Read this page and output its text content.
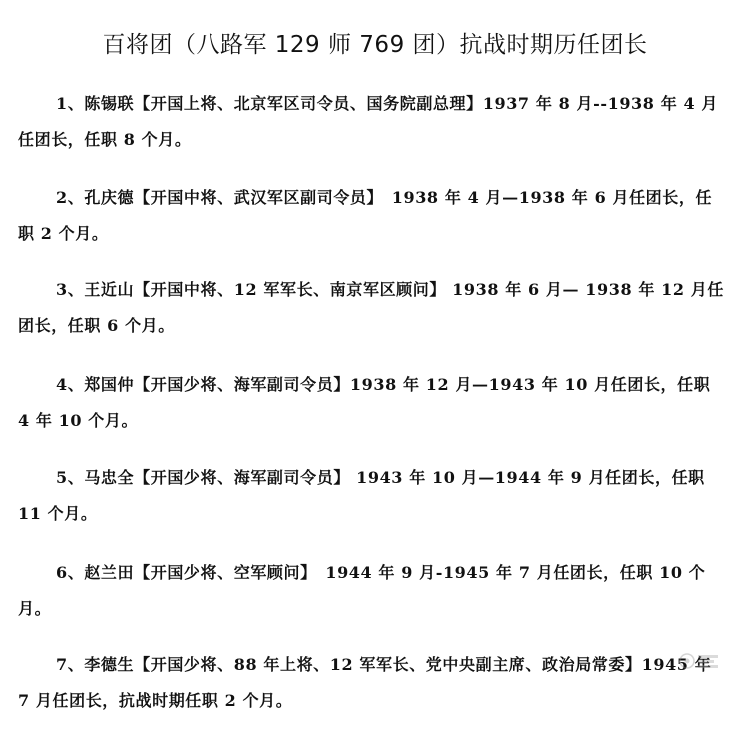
百将团（八路军 129 师 769 团）抗战时期历任团长

1、陈锡联【开国上将、北京军区司令员、国务院副总理】1937 年 8 月--1938 年 4 月任团长，任职 8 个月。

2、孔庆德【开国中将、武汉军区副司令员】　1938 年 4 月—1938 年 6 月任团长，任职 2 个月。

3、王近山【开国中将、12 军军长、南京军区顾问】 1938 年 6 月— 1938 年 12 月任团长，任职 6 个月。

4、郑国仲【开国少将、海军副司令员】1938 年 12 月—1943 年 10 月任团长，任职 4 年 10 个月。

5、马忠全【开国少将、海军副司令员】 1943 年 10 月—1944 年 9 月任团长，任职 11 个月。

6、赵兰田【开国少将、空军顾问】　1944 年 9 月-1945 年 7 月任团长，任职 10 个月。

7、李德生【开国少将、88 年上将、12 军军长、党中央副主席、政治局常委】1945 年 7 月任团长，抗战时期任职 2 个月。
